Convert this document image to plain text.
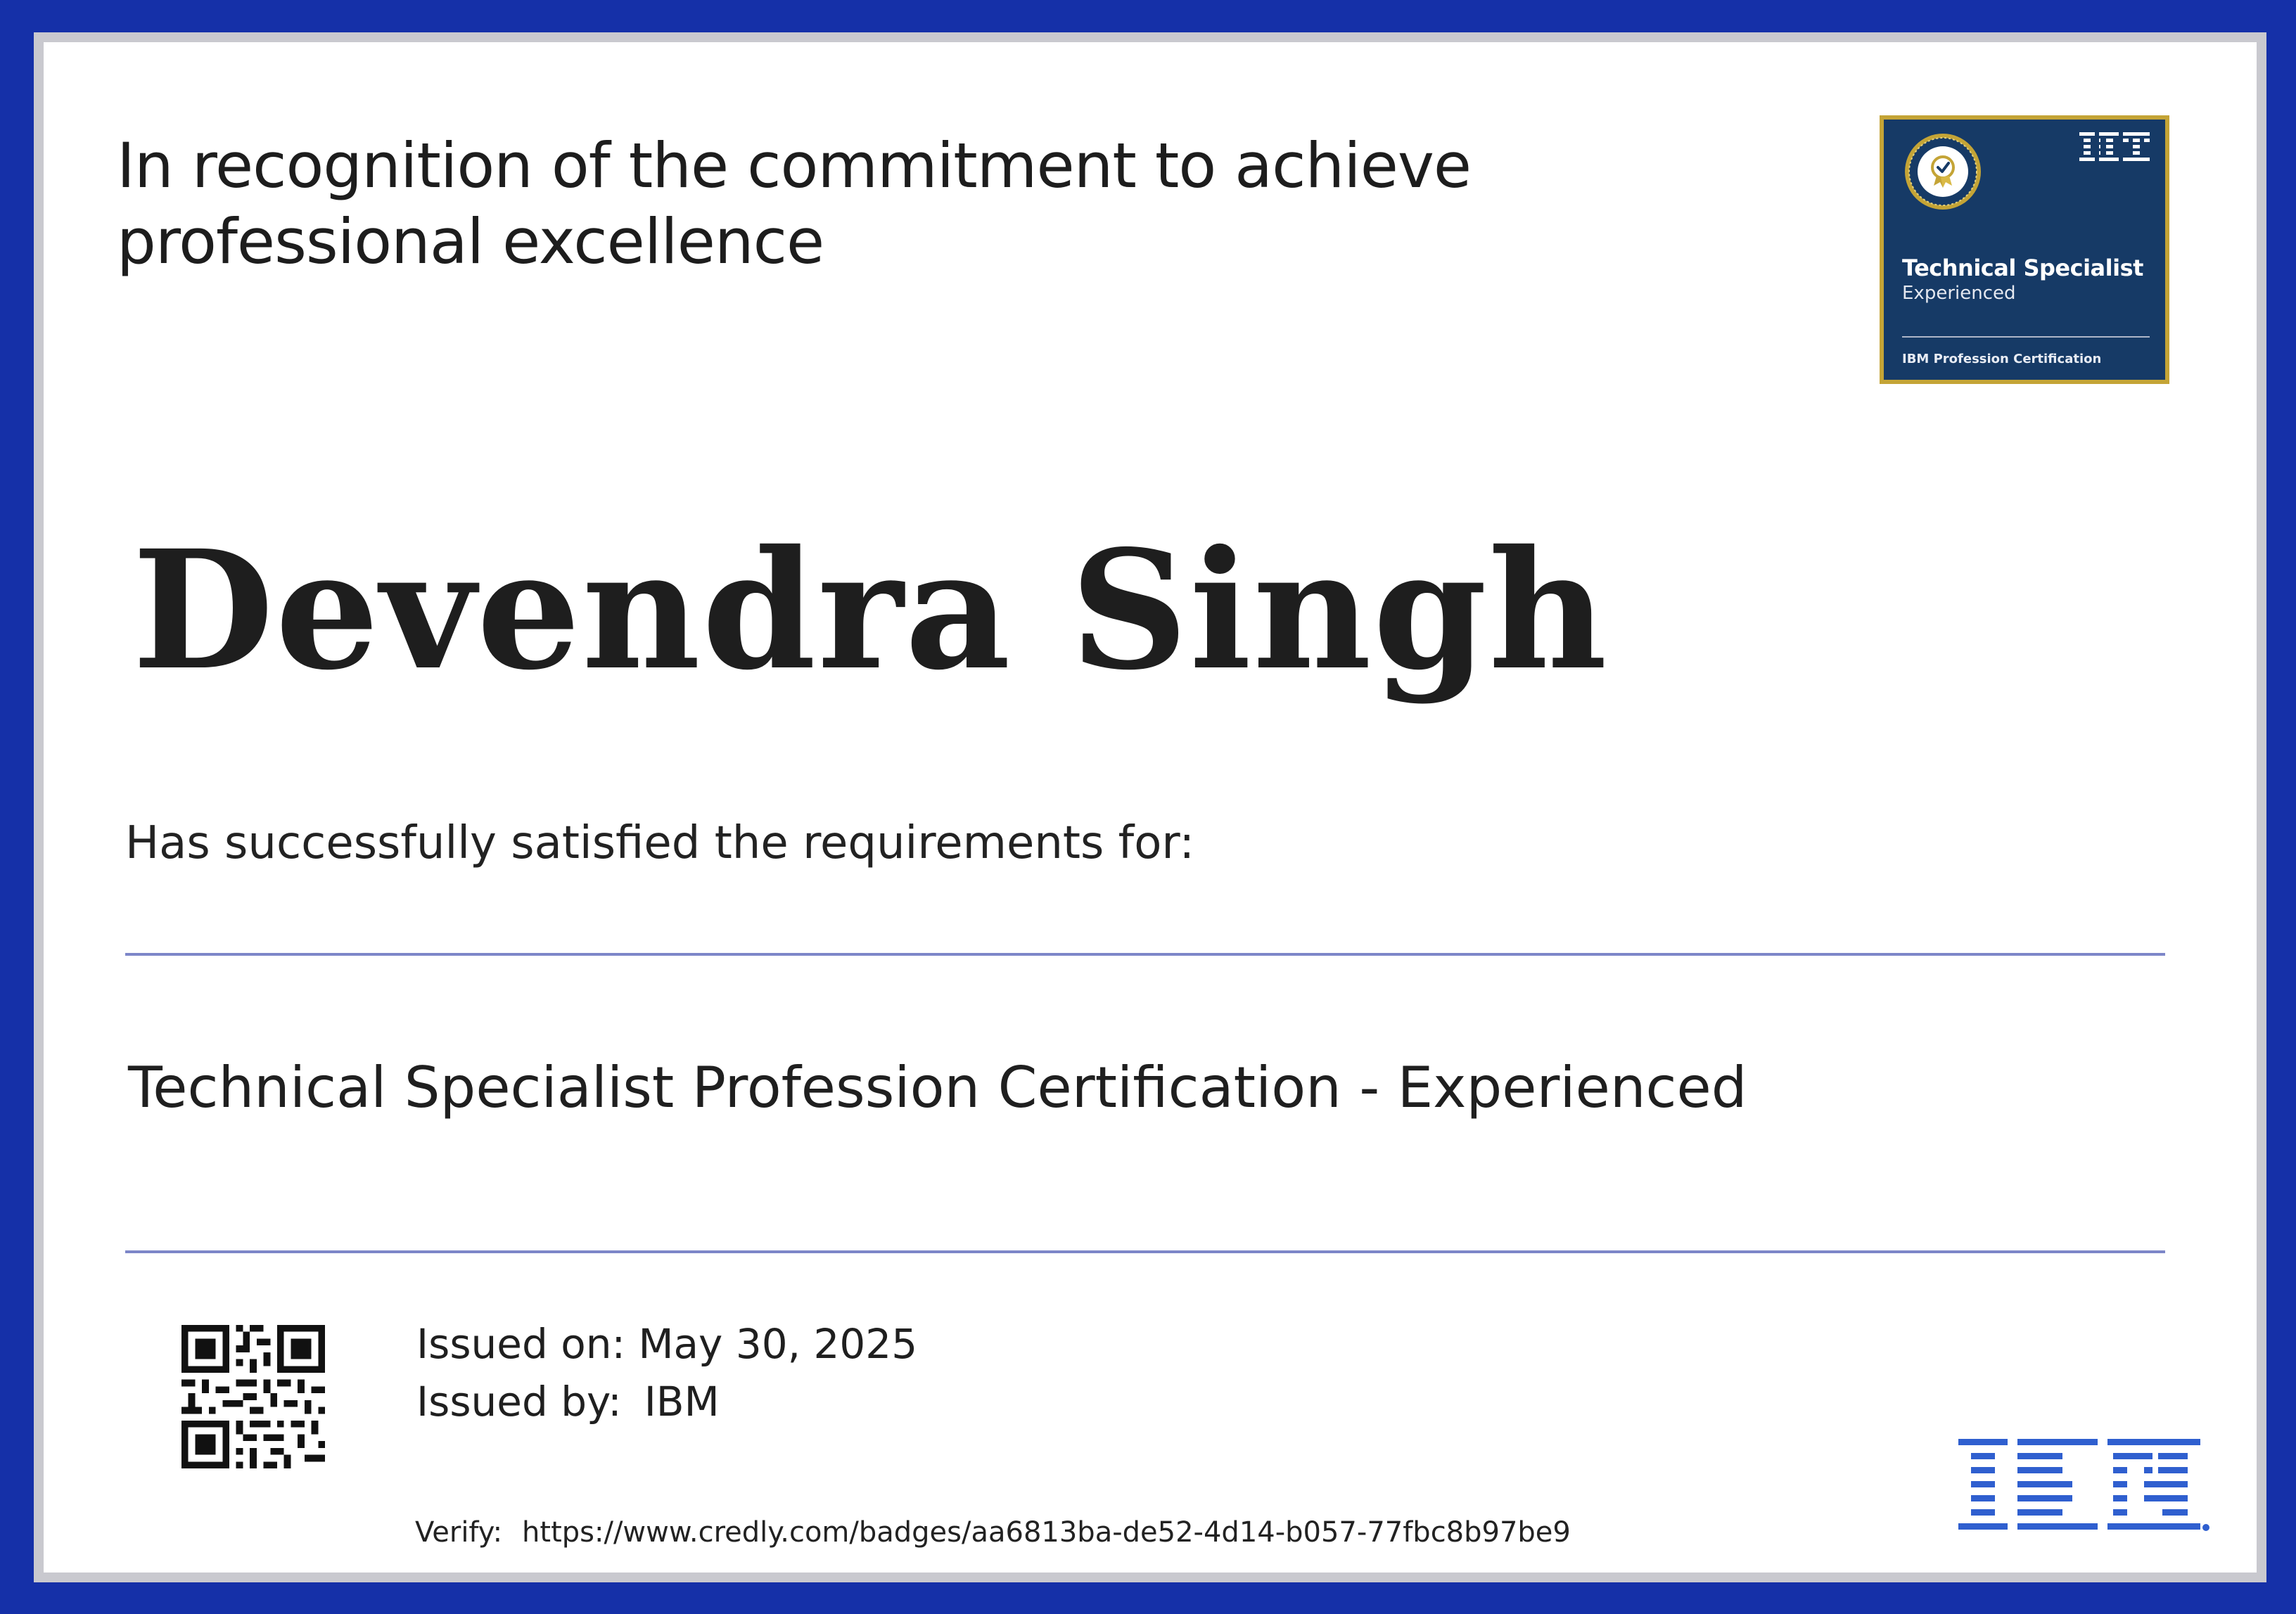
In recognition of the commitment to achieve
professional excellence	Technical Specialist
Experienced
IBM Profession Certification
Devendra Singh
Has successfully satisfied the requirements for:
Technical Specialist Profession Certification - Experienced
Issued on: May 30, 2025
Issued by: IBM
Verify: https://www.credly.com/badges/aa6813ba-de52-4d14-b057-77fbc8b97be9
